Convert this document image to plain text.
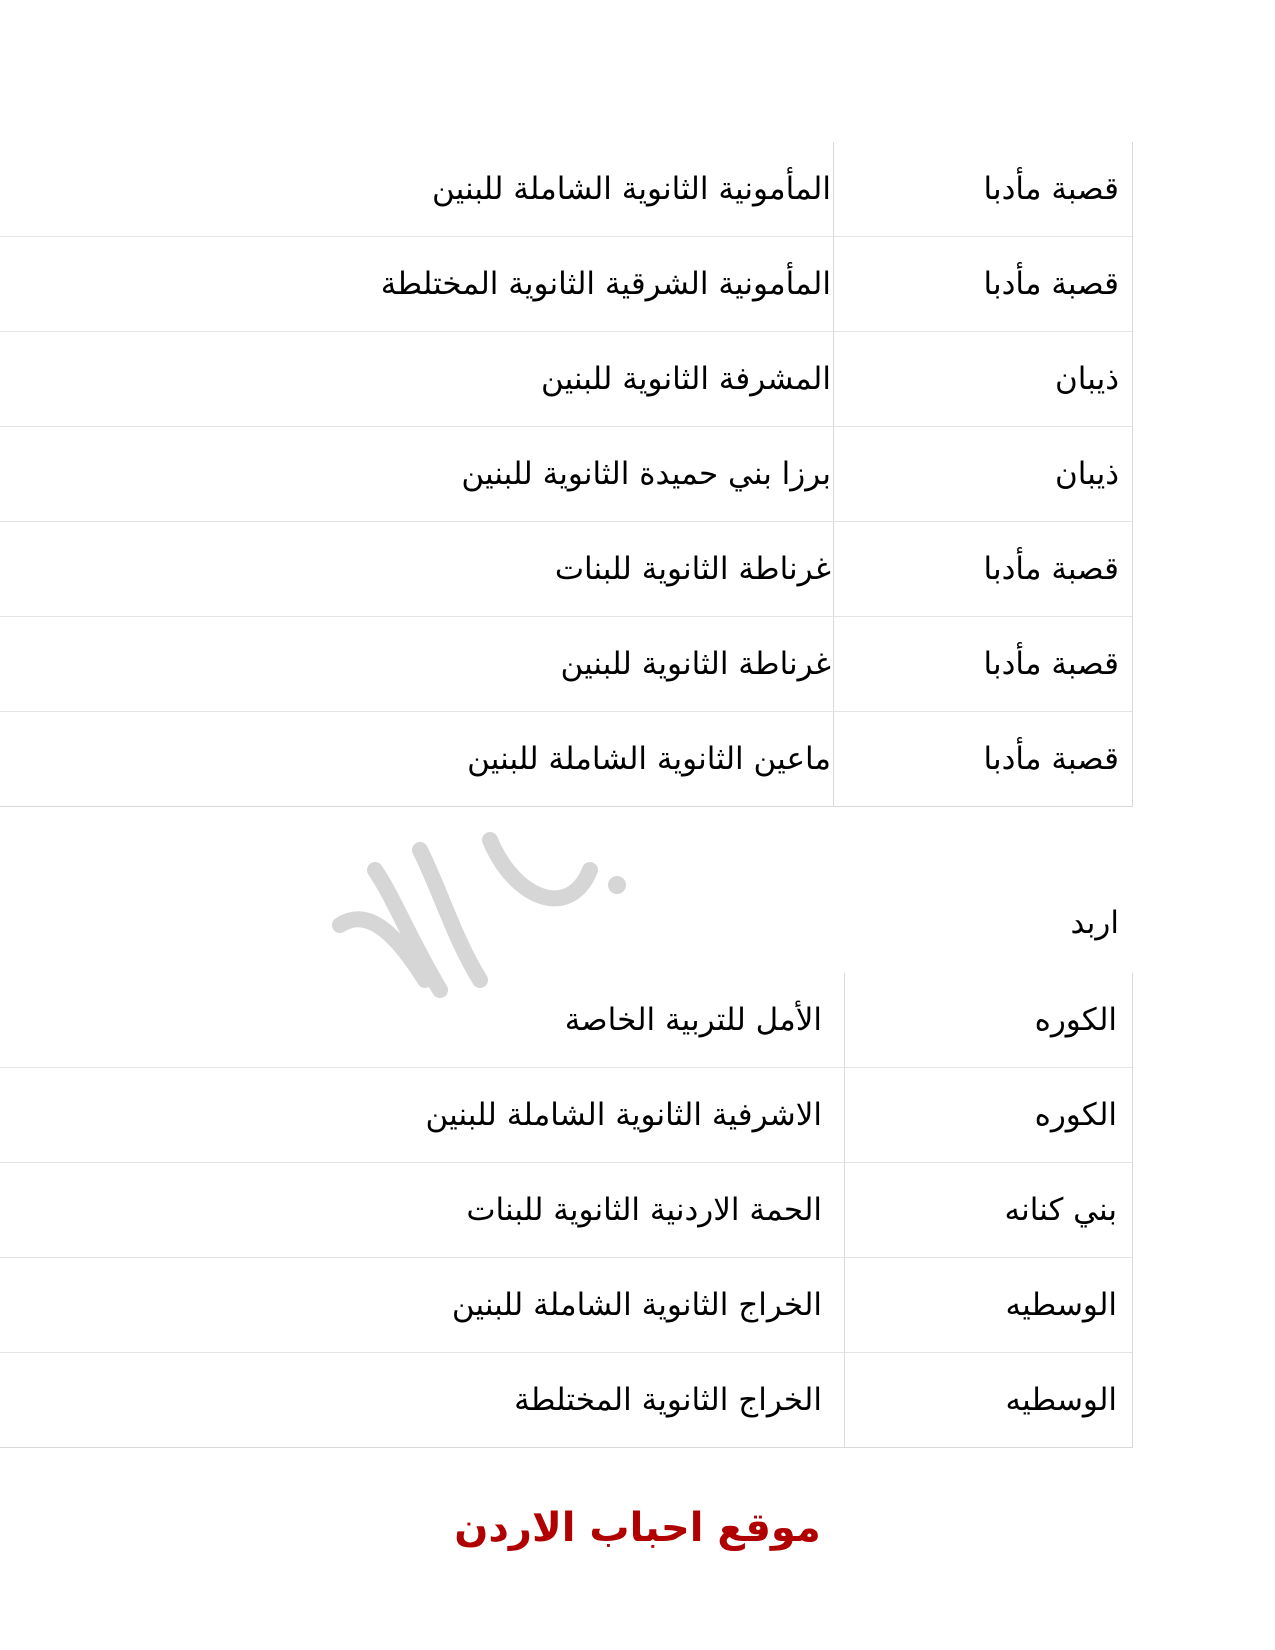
قصبة مأدبا
المأمونية الثانوية الشاملة للبنين
قصبة مأدبا
المأمونية الشرقية الثانوية المختلطة
ذيبان
المشرفة الثانوية للبنين
ذيبان
برزا بني حميدة الثانوية للبنين
قصبة مأدبا
غرناطة الثانوية للبنات
قصبة مأدبا
غرناطة الثانوية للبنين
قصبة مأدبا
ماعين الثانوية الشاملة للبنين
اربد
الكوره
الأمل للتربية الخاصة
الكوره
الاشرفية الثانوية الشاملة للبنين
بني كنانه
الحمة الاردنية الثانوية للبنات
الوسطيه
الخراج الثانوية الشاملة للبنين
الوسطيه
الخراج الثانوية المختلطة
موقع احباب الاردن
